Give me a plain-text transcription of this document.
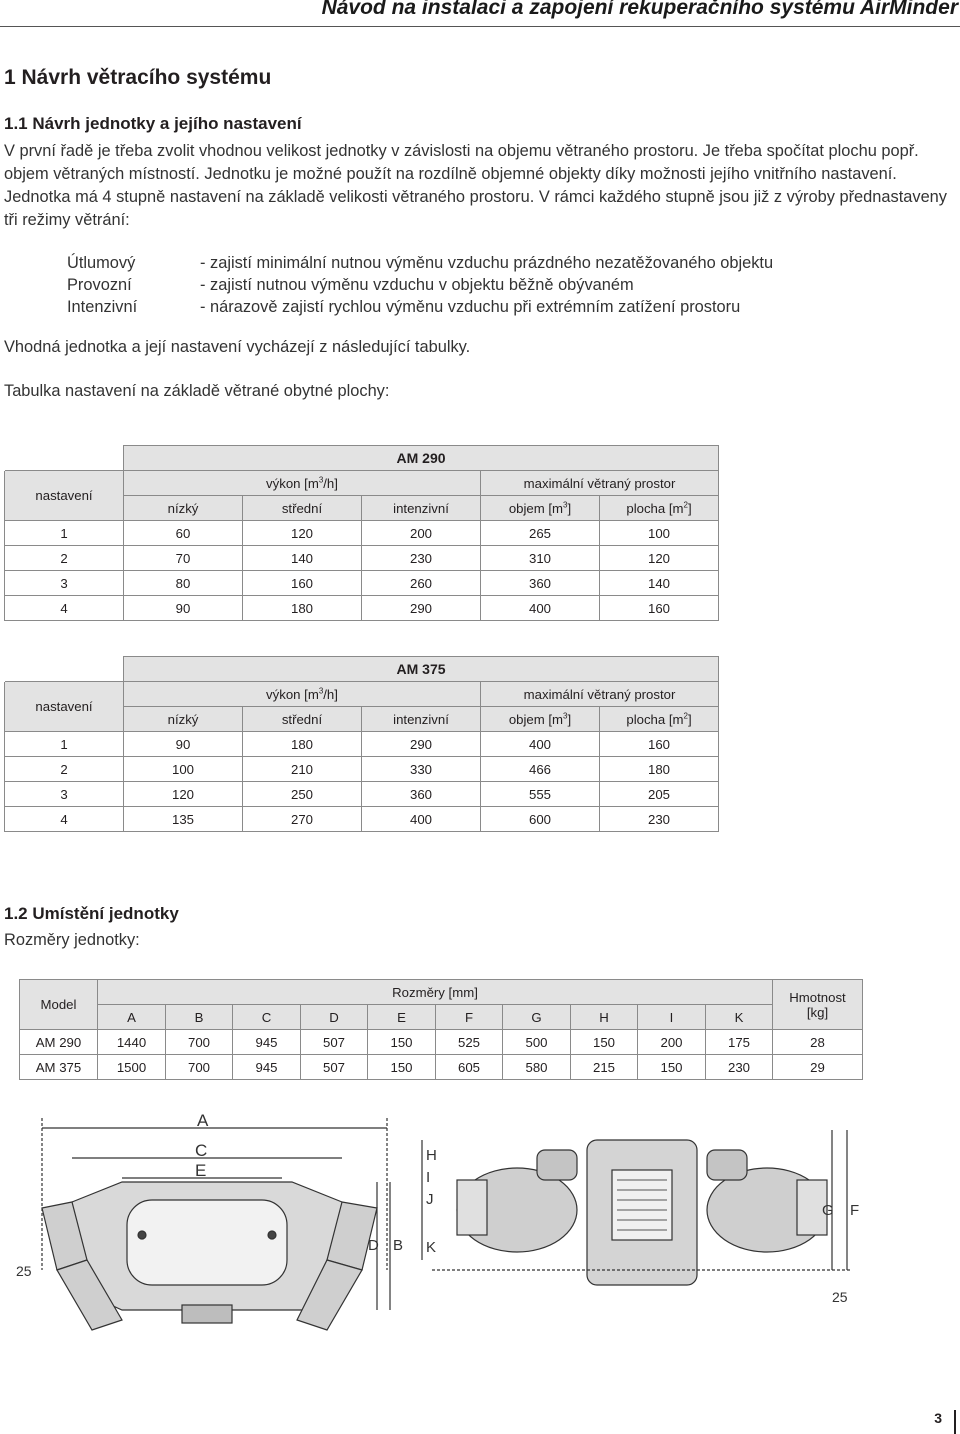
Návod na instalaci a zapojení rekuperačního systému AirMinder
1 Návrh větracího systému
1.1 Návrh jednotky a jejího nastavení
V první řadě je třeba zvolit vhodnou velikost jednotky v závislosti na objemu větraného prostoru. Je třeba spočítat plochu popř. objem větraných místností. Jednotku je možné použít na rozdílně objemné objekty díky možnosti jejího vnitřního nastavení. Jednotka má 4 stupně nastavení na základě velikosti větraného prostoru. V rámci každého stupně jsou již z výroby přednastaveny tři režimy větrání:
Útlumový	- zajistí minimální nutnou výměnu vzduchu prázdného nezatěžovaného objektu
Provozní	- zajistí nutnou výměnu vzduchu v objektu běžně obývaném
Intenzivní	- nárazově zajistí rychlou výměnu vzduchu při extrémním zatížení prostoru
Vhodná jednotka a její nastavení vycházejí z následující tabulky.
Tabulka nastavení na základě větrané obytné plochy:
	AM 290				
nastavení	výkon $[m^3/h]$			maximální větraný prostor	
	nízký	střední	intenzivní	objem $[m^3]$	plocha $[m^2]$
1	60	120	200	265	100
2	70	140	230	310	120
3	80	160	260	360	140
4	90	180	290	400	160
	AM 375				
nastavení	výkon $[m^3/h]$			maximální větraný prostor	
	nízký	střední	intenzivní	objem $[m^3]$	plocha $[m^2]$
1	90	180	290	400	160
2	100	210	330	466	180
3	120	250	360	555	205
4	135	270	400	600	230
1.2 Umístění jednotky
Rozměry jednotky:
Model	Rozměry [mm]										Hmotnost
[kg]

	A	B	C	D	E	F	G	H	I	K	
AM 290	1440	700	945	507	150	525	500	150	200	175	28
AM 375	1500	700	945	507	150	605	580	215	150	230	29
A
C
E
D B
25
H
I
J
K
G F
25
3
